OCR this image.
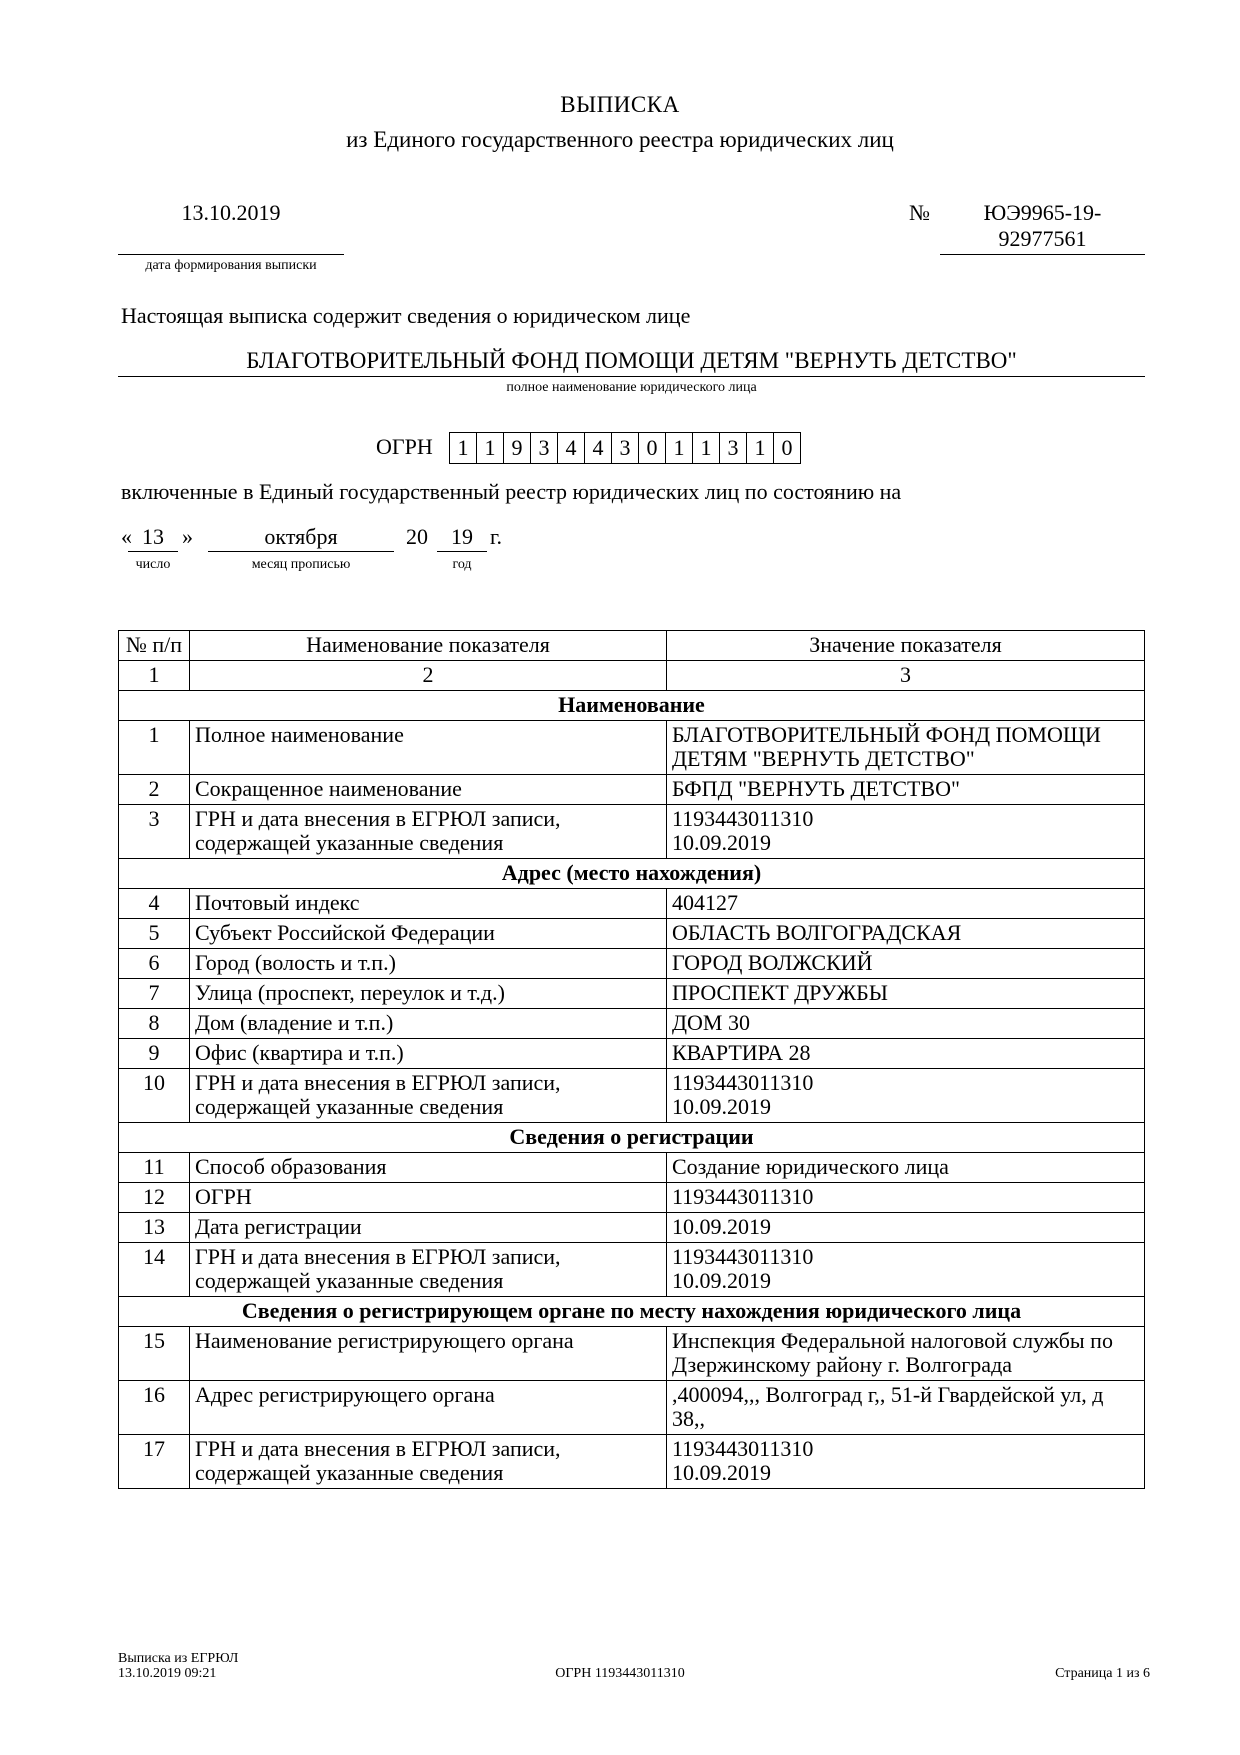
ВЫПИСКА
из Единого государственного реестра юридических лиц
13.10.2019
дата формирования выписки
№	ЮЭ9965-19-
92977561
Настоящая выписка содержит сведения о юридическом лице
БЛАГОТВОРИТЕЛЬНЫЙ ФОНД ПОМОЩИ ДЕТЯМ "ВЕРНУТЬ ДЕТСТВО"
полное наименование юридического лица
ОГРН	1 1 9 3 4 4 3 0 1 1 3 1 0
включенные в Единый государственный реестр юридических лиц по состоянию на
« 13 »	октября	20	19 г.
число	месяц прописью	год
№ п/п	Наименование показателя	Значение показателя
1	2	3
Наименование		
1	Полное наименование	БЛАГОТВОРИТЕЛЬНЫЙ ФОНД ПОМОЩИ ДЕТЯМ "ВЕРНУТЬ ДЕТСТВО"
2	Сокращенное наименование	БФПД "ВЕРНУТЬ ДЕТСТВО"
3	ГРН и дата внесения в ЕГРЮЛ записи, содержащей указанные сведения	1193443011310
10.09.2019
Адрес (место нахождения)		
4	Почтовый индекс	404127
5	Субъект Российской Федерации	ОБЛАСТЬ ВОЛГОГРАДСКАЯ
6	Город (волость и т.п.)	ГОРОД ВОЛЖСКИЙ
7	Улица (проспект, переулок и т.д.)	ПРОСПЕКТ ДРУЖБЫ
8	Дом (владение и т.п.)	ДОМ 30
9	Офис (квартира и т.п.)	КВАРТИРА 28
10	ГРН и дата внесения в ЕГРЮЛ записи, содержащей указанные сведения	1193443011310
10.09.2019
Сведения о регистрации		
11	Способ образования	Создание юридического лица
12	ОГРН	1193443011310
13	Дата регистрации	10.09.2019
14	ГРН и дата внесения в ЕГРЮЛ записи, содержащей указанные сведения	1193443011310
10.09.2019
Сведения о регистрирующем органе по месту нахождения юридического лица		
15	Наименование регистрирующего органа	Инспекция Федеральной налоговой службы по Дзержинскому району г. Волгограда
16	Адрес регистрирующего органа	,400094,,, Волгоград г,, 51-й Гвардейской ул, д 38,,
17	ГРН и дата внесения в ЕГРЮЛ записи, содержащей указанные сведения	1193443011310
10.09.2019
Выписка из ЕГРЮЛ
13.10.2019 09:21	ОГРН 1193443011310	Страница 1 из 6
